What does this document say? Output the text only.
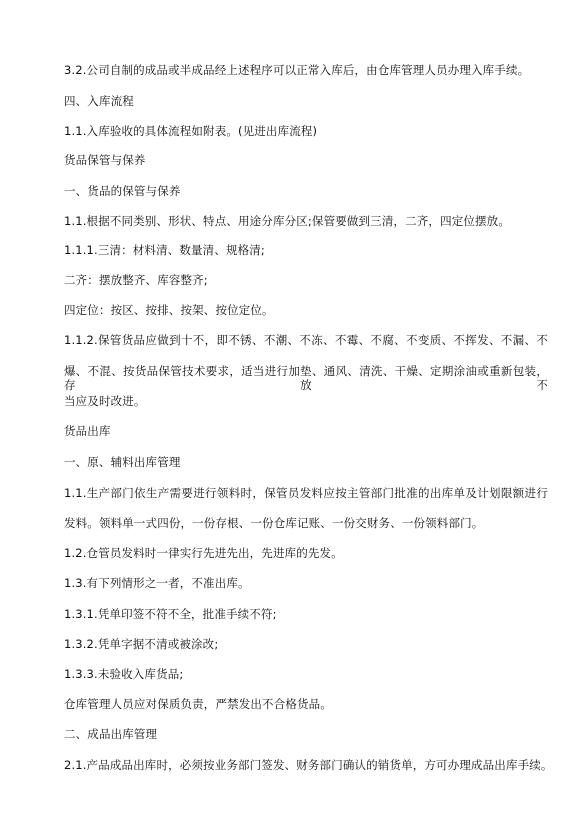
3.2.公司自制的成品或半成品经上述程序可以正常入库后，由仓库管理人员办理入库手续。
四、入库流程
1.1.入库验收的具体流程如附表。(见进出库流程)
货品保管与保养
一、货品的保管与保养
1.1.根据不同类别、形状、特点、用途分库分区;保管要做到三清，二齐，四定位摆放。
1.1.1.三清：材料清、数量清、规格清;
二齐：摆放整齐、库容整齐;
四定位：按区、按排、按架、按位定位。
1.1.2.保管货品应做到十不，即不锈、不潮、不冻、不霉、不腐、不变质、不挥发、不漏、不
爆、不混、按货品保管技术要求，适当进行加垫、通风、清洗、干燥、定期涂油或重新包装，存放不
当应及时改进。
货品出库
一、原、辅料出库管理
1.1.生产部门依生产需要进行领料时，保管员发料应按主管部门批准的出库单及计划限额进行
发料。领料单一式四份，一份存根、一份仓库记账、一份交财务、一份领料部门。
1.2.仓管员发料时一律实行先进先出，先进库的先发。
1.3.有下列情形之一者，不准出库。
1.3.1.凭单印签不符不全，批准手续不符;
1.3.2.凭单字据不清或被涂改;
1.3.3.未验收入库货品;
仓库管理人员应对保质负责，严禁发出不合格货品。
二、成品出库管理
2.1.产品成品出库时，必须按业务部门签发、财务部门确认的销货单，方可办理成品出库手续。
